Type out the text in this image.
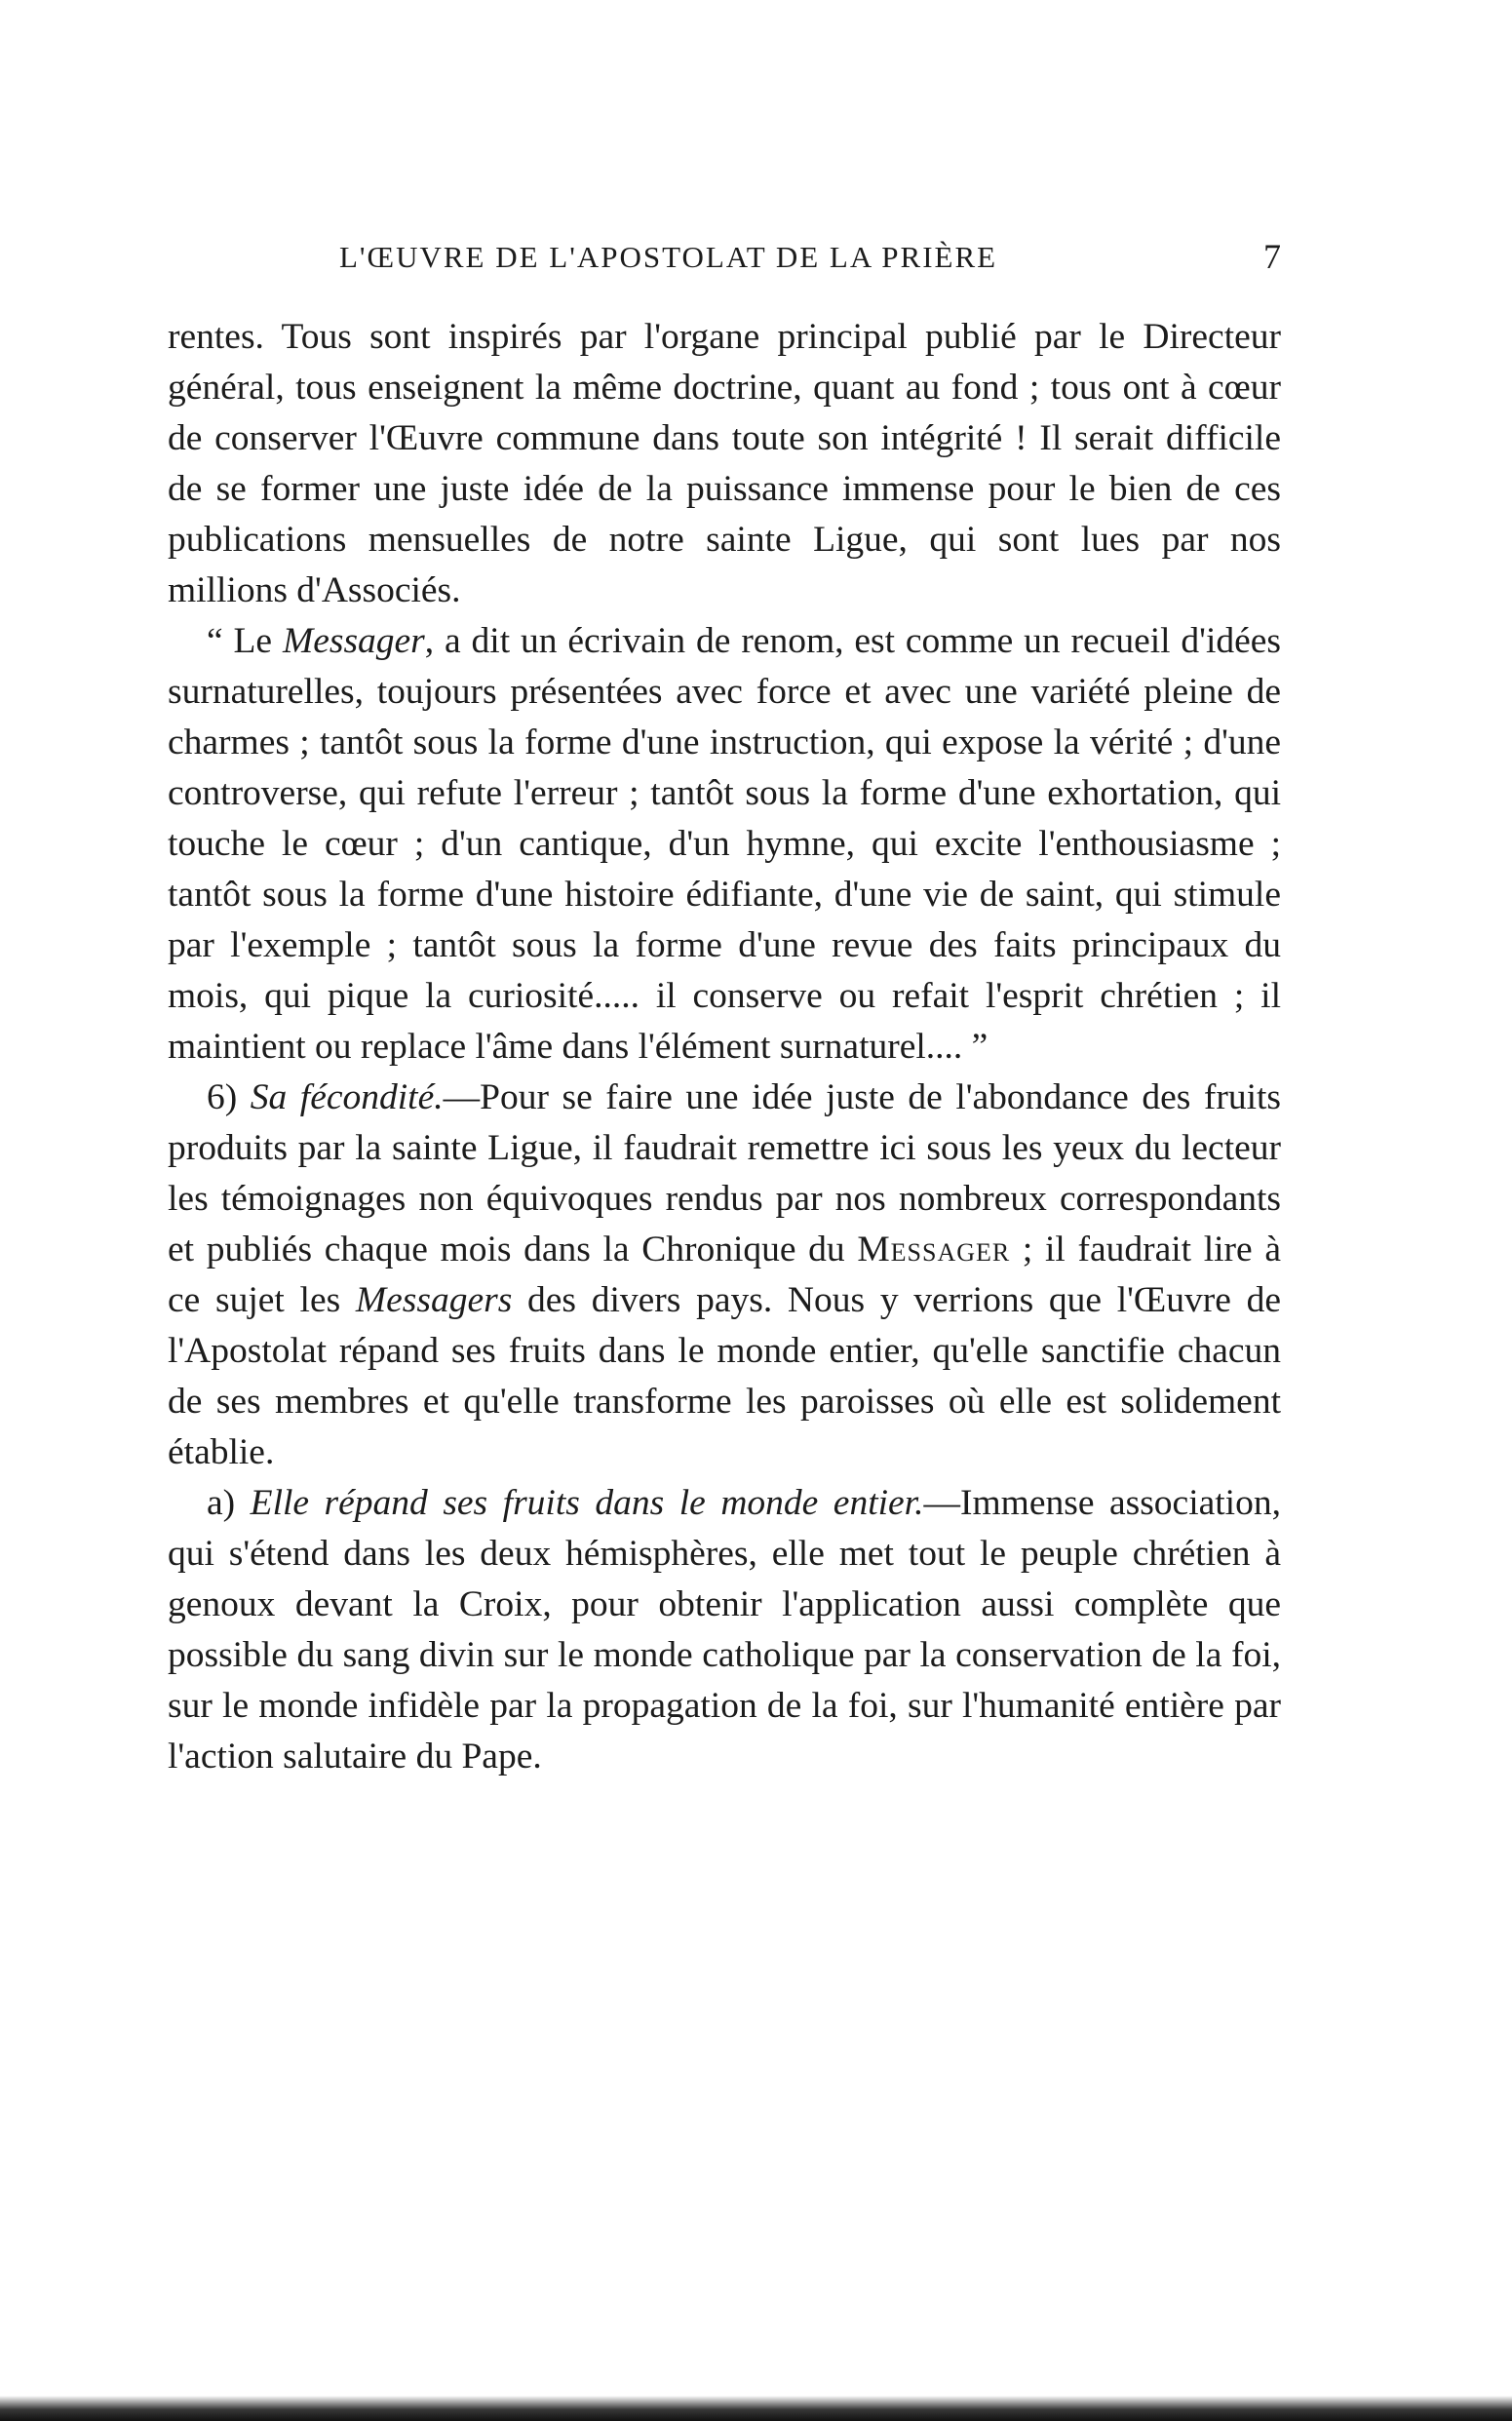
L'ŒUVRE DE L'APOSTOLAT DE LA PRIÈRE	7

rentes. Tous sont inspirés par l'organe principal publié par le Directeur général, tous enseignent la même doctrine, quant au fond ; tous ont à cœur de conserver l'Œuvre commune dans toute son intégrité ! Il serait difficile de se former une juste idée de la puissance immense pour le bien de ces publications mensuelles de notre sainte Ligue, qui sont lues par nos millions d'Associés.

“ Le Messager, a dit un écrivain de renom, est comme un recueil d'idées surnaturelles, toujours présentées avec force et avec une variété pleine de charmes ; tantôt sous la forme d'une instruction, qui expose la vérité ; d'une controverse, qui refute l'erreur ; tantôt sous la forme d'une exhortation, qui touche le cœur ; d'un cantique, d'un hymne, qui excite l'enthousiasme ; tantôt sous la forme d'une histoire édifiante, d'une vie de saint, qui stimule par l'exemple ; tantôt sous la forme d'une revue des faits principaux du mois, qui pique la curiosité..... il conserve ou refait l'esprit chrétien ; il maintient ou replace l'âme dans l'élément surnaturel.... ”

6) Sa fécondité.—Pour se faire une idée juste de l'abondance des fruits produits par la sainte Ligue, il faudrait remettre ici sous les yeux du lecteur les témoignages non équivoques rendus par nos nombreux correspondants et publiés chaque mois dans la Chronique du Messager ; il faudrait lire à ce sujet les Messagers des divers pays. Nous y verrions que l'Œuvre de l'Apostolat répand ses fruits dans le monde entier, qu'elle sanctifie chacun de ses membres et qu'elle transforme les paroisses où elle est solidement établie.

a) Elle répand ses fruits dans le monde entier.—Immense association, qui s'étend dans les deux hémisphères, elle met tout le peuple chrétien à genoux devant la Croix, pour obtenir l'application aussi complète que possible du sang divin sur le monde catholique par la conservation de la foi, sur le monde infidèle par la propagation de la foi, sur l'humanité entière par l'action salutaire du Pape.
